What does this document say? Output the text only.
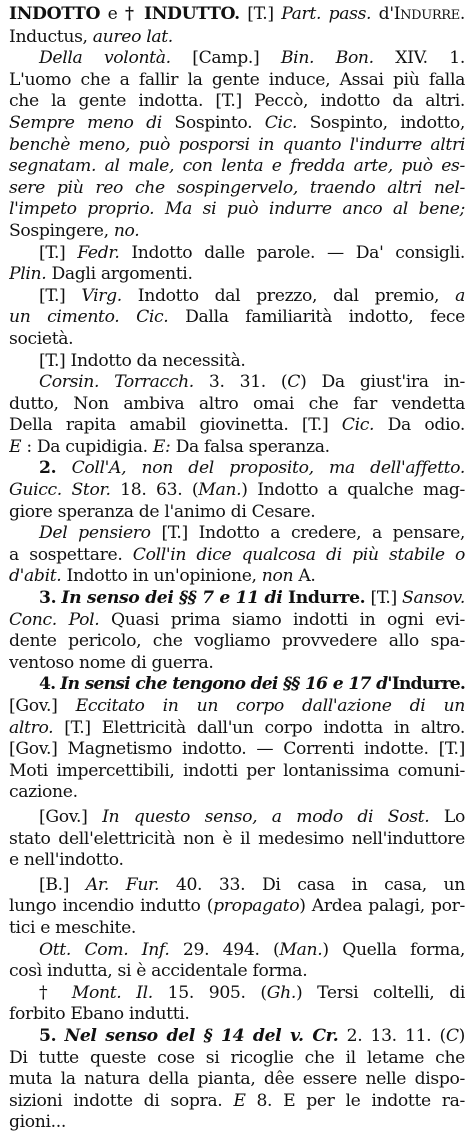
INDOTTO e † INDUTTO. [T.] Part. pass. d'INDURRE.
Inductus, aureo lat.
Della volontà. [Camp.] Bin. Bon. XIV. 1.
L'uomo che a fallir la gente induce, Assai più falla
che la gente indotta. [T.] Peccò, indotto da altri.
Sempre meno di Sospinto. Cic. Sospinto, indotto,
benchè meno, può posporsi in quanto l'indurre altri
segnatam. al male, con lenta e fredda arte, può es-
sere più reo che sospingervelo, traendo altri nel-
l'impeto proprio. Ma si può indurre anco al bene;
Sospingere, no.
[T.] Fedr. Indotto dalle parole. — Da' consigli.
Plin. Dagli argomenti.
[T.] Virg. Indotto dal prezzo, dal premio, a
un cimento. Cic. Dalla familiarità indotto, fece
società.
[T.] Indotto da necessità.
Corsin. Torracch. 3. 31. (C) Da giust'ira in-
dutto, Non ambiva altro omai che far vendetta
Della rapita amabil giovinetta. [T.] Cic. Da odio.
E : Da cupidigia. E: Da falsa speranza.
2. Coll'A, non del proposito, ma dell'affetto.
Guicc. Stor. 18. 63. (Man.) Indotto a qualche mag-
giore speranza de l'animo di Cesare.
Del pensiero [T.] Indotto a credere, a pensare,
a sospettare. Coll'in dice qualcosa di più stabile o
d'abit. Indotto in un'opinione, non A.
3. In senso dei §§ 7 e 11 di Indurre. [T.] Sansov.
Conc. Pol. Quasi prima siamo indotti in ogni evi-
dente pericolo, che vogliamo provvedere allo spa-
ventoso nome di guerra.
4. In sensi che tengono dei §§ 16 e 17 d'Indurre.
[Gov.] Eccitato in un corpo dall'azione di un
altro. [T.] Elettricità dall'un corpo indotta in altro.
[Gov.] Magnetismo indotto. — Correnti indotte. [T.]
Moti impercettibili, indotti per lontanissima comuni-
cazione.
[Gov.] In questo senso, a modo di Sost. Lo
stato dell'elettricità non è il medesimo nell'induttore
e nell'indotto.
[B.] Ar. Fur. 40. 33. Di casa in casa, un
lungo incendio indutto (propagato) Ardea palagi, por-
tici e meschite.
Ott. Com. Inf. 29. 494. (Man.) Quella forma,
così indutta, si è accidentale forma.
† Mont. Il. 15. 905. (Gh.) Tersi coltelli, di
forbito Ebano indutti.
5. Nel senso del § 14 del v. Cr. 2. 13. 11. (C)
Di tutte queste cose si ricoglie che il letame che
muta la natura della pianta, dêe essere nelle dispo-
sizioni indotte di sopra. E 8. E per le indotte ra-
gioni...
